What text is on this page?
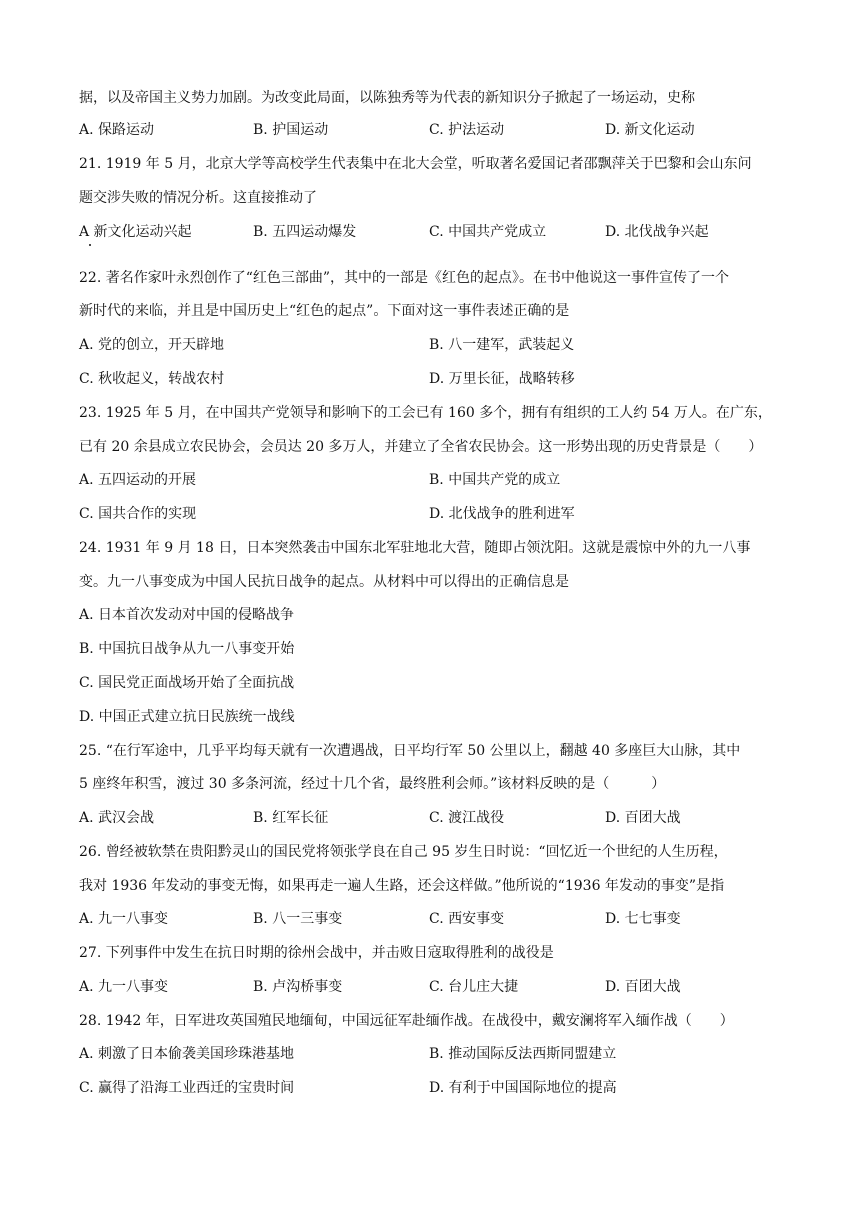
据，以及帝国主义势力加剧。为改变此局面，以陈独秀等为代表的新知识分子掀起了一场运动，史称
A. 保路运动	B. 护国运动	C. 护法运动	D. 新文化运动
21. 1919 年 5 月，北京大学等高校学生代表集中在北大会堂，听取著名爱国记者邵飘萍关于巴黎和会山东问
题交涉失败的情况分析。这直接推动了
A 新文化运动兴起	B. 五四运动爆发	C. 中国共产党成立	D. 北伐战争兴起
22. 著名作家叶永烈创作了“红色三部曲”，其中的一部是《红色的起点》。在书中他说这一事件宣传了一个
新时代的来临，并且是中国历史上“红色的起点”。下面对这一事件表述正确的是
A. 党的创立，开天辟地	B. 八一建军，武装起义
C. 秋收起义，转战农村	D. 万里长征，战略转移
23. 1925 年 5 月，在中国共产党领导和影响下的工会已有 160 多个，拥有有组织的工人约 54 万人。在广东，
已有 20 余县成立农民协会，会员达 20 多万人，并建立了全省农民协会。这一形势出现的历史背景是（　　）
A. 五四运动的开展	B. 中国共产党的成立
C. 国共合作的实现	D. 北伐战争的胜利进军
24. 1931 年 9 月 18 日，日本突然袭击中国东北军驻地北大营，随即占领沈阳。这就是震惊中外的九一八事
变。九一八事变成为中国人民抗日战争的起点。从材料中可以得出的正确信息是
A. 日本首次发动对中国的侵略战争
B. 中国抗日战争从九一八事变开始
C. 国民党正面战场开始了全面抗战
D. 中国正式建立抗日民族统一战线
25. “在行军途中，几乎平均每天就有一次遭遇战，日平均行军 50 公里以上，翻越 40 多座巨大山脉，其中
5 座终年积雪，渡过 30 多条河流，经过十几个省，最终胜利会师。”该材料反映的是（　　　）
A. 武汉会战	B. 红军长征	C. 渡江战役	D. 百团大战
26. 曾经被软禁在贵阳黔灵山的国民党将领张学良在自己 95 岁生日时说：“回忆近一个世纪的人生历程，
我对 1936 年发动的事变无悔，如果再走一遍人生路，还会这样做。”他所说的“1936 年发动的事变”是指
A. 九一八事变	B. 八一三事变	C. 西安事变	D. 七七事变
27. 下列事件中发生在抗日时期的徐州会战中，并击败日寇取得胜利的战役是
A. 九一八事变	B. 卢沟桥事变	C. 台儿庄大捷	D. 百团大战
28. 1942 年，日军进攻英国殖民地缅甸，中国远征军赴缅作战。在战役中，戴安澜将军入缅作战（　　）
A. 刺激了日本偷袭美国珍珠港基地	B. 推动国际反法西斯同盟建立
C. 赢得了沿海工业西迁的宝贵时间	D. 有利于中国国际地位的提高
